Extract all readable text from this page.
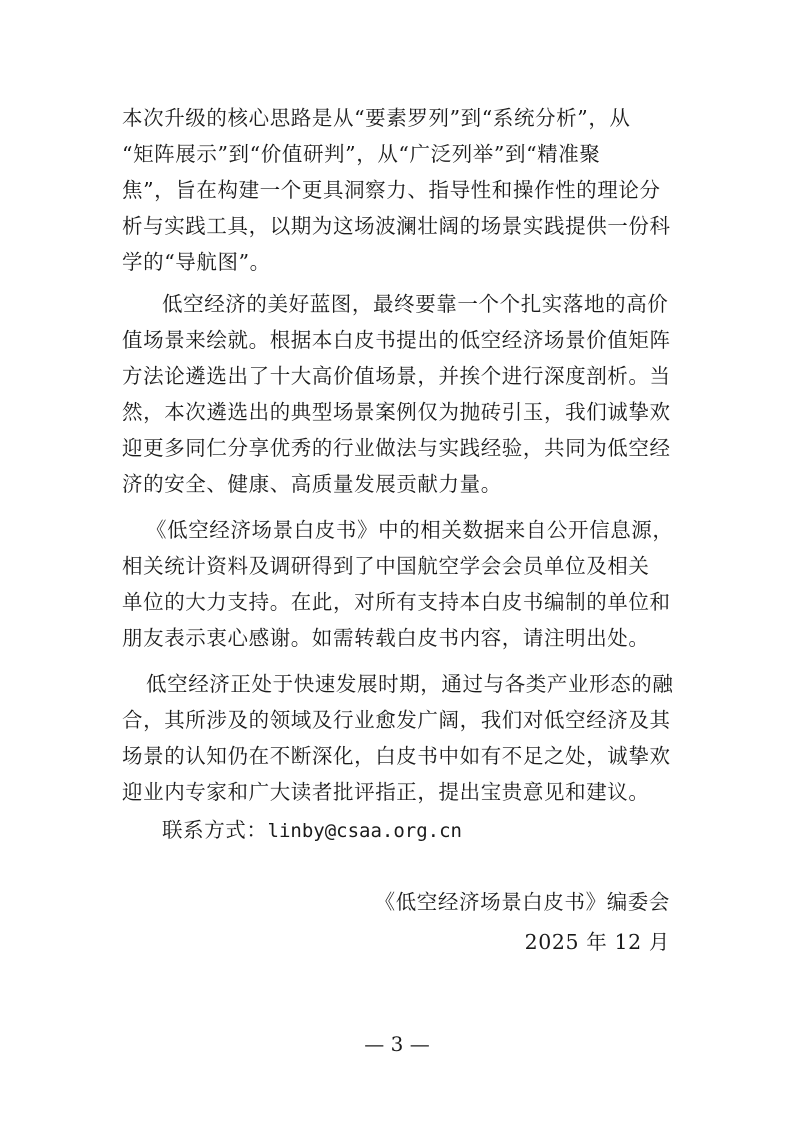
本次升级的核心思路是从“要素罗列”到“系统分析”，从
“矩阵展示”到“价值研判”，从“广泛列举”到“精准聚
焦”，旨在构建一个更具洞察力、指导性和操作性的理论分
析与实践工具，以期为这场波澜壮阔的场景实践提供一份科
学的“导航图”。
低空经济的美好蓝图，最终要靠一个个扎实落地的高价
值场景来绘就。根据本白皮书提出的低空经济场景价值矩阵
方法论遴选出了十大高价值场景，并挨个进行深度剖析。当
然，本次遴选出的典型场景案例仅为抛砖引玉，我们诚挚欢
迎更多同仁分享优秀的行业做法与实践经验，共同为低空经
济的安全、健康、高质量发展贡献力量。
《低空经济场景白皮书》中的相关数据来自公开信息源，
相关统计资料及调研得到了中国航空学会会员单位及相关
单位的大力支持。在此，对所有支持本白皮书编制的单位和
朋友表示衷心感谢。如需转载白皮书内容，请注明出处。
低空经济正处于快速发展时期，通过与各类产业形态的融
合，其所涉及的领域及行业愈发广阔，我们对低空经济及其
场景的认知仍在不断深化，白皮书中如有不足之处，诚挚欢
迎业内专家和广大读者批评指正，提出宝贵意见和建议。
联系方式：linby@csaa.org.cn
《低空经济场景白皮书》编委会
2025 年 12 月
— 3 —
